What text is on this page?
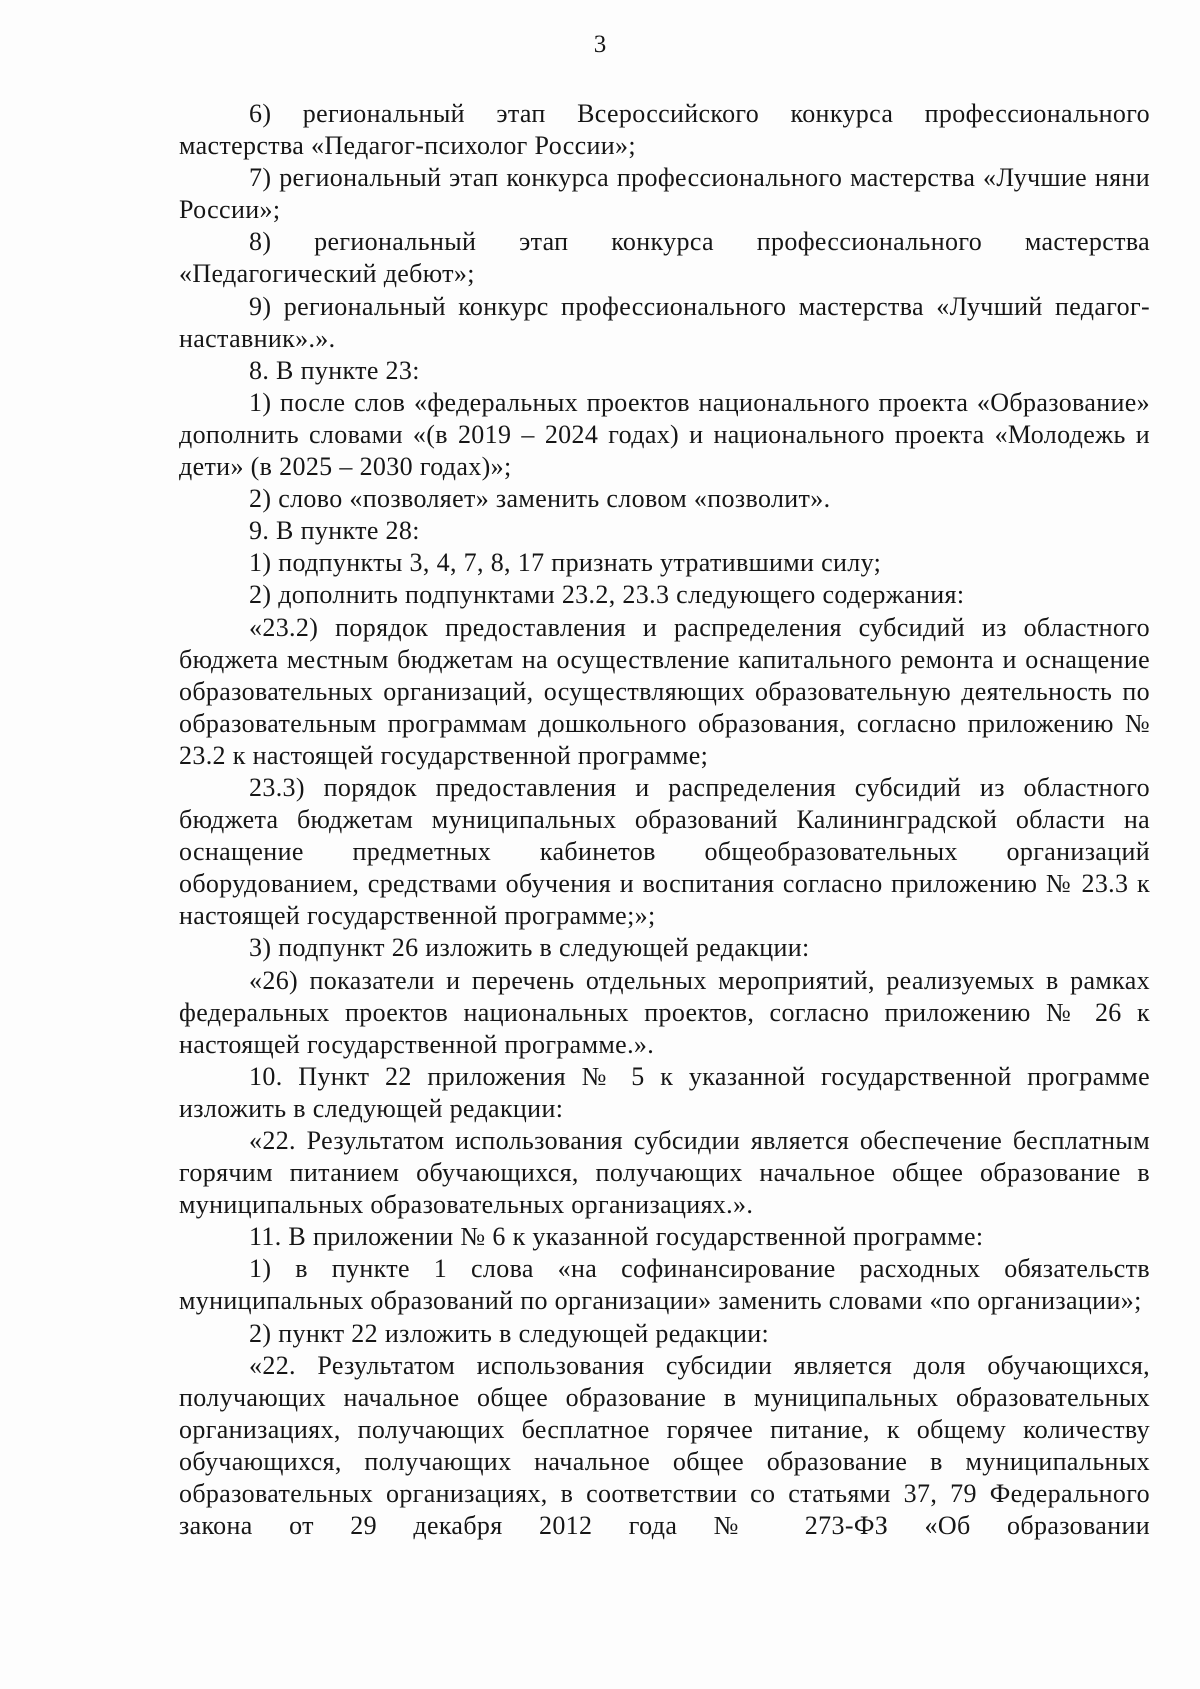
3

6) региональный этап Всероссийского конкурса профессионального мастерства «Педагог-психолог России»;

7) региональный этап конкурса профессионального мастерства «Лучшие няни России»;

8) региональный этап конкурса профессионального мастерства «Педагогический дебют»;

9) региональный конкурс профессионального мастерства «Лучший педагог-наставник».».

8. В пункте 23:

1) после слов «федеральных проектов национального проекта «Образование» дополнить словами «(в 2019 – 2024 годах) и национального проекта «Молодежь и дети» (в 2025 – 2030 годах)»;

2) слово «позволяет» заменить словом «позволит».

9. В пункте 28:

1) подпункты 3, 4, 7, 8, 17 признать утратившими силу;

2) дополнить подпунктами 23.2, 23.3 следующего содержания:

«23.2) порядок предоставления и распределения субсидий из областного бюджета местным бюджетам на осуществление капитального ремонта и оснащение образовательных организаций, осуществляющих образовательную деятельность по образовательным программам дошкольного образования, согласно приложению № 23.2 к настоящей государственной программе;

23.3) порядок предоставления и распределения субсидий из областного бюджета бюджетам муниципальных образований Калининградской области на оснащение предметных кабинетов общеобразовательных организаций оборудованием, средствами обучения и воспитания согласно приложению № 23.3 к настоящей государственной программе;»;

3) подпункт 26 изложить в следующей редакции:

«26) показатели и перечень отдельных мероприятий, реализуемых в рамках федеральных проектов национальных проектов, согласно приложению № 26 к настоящей государственной программе.».

10. Пункт 22 приложения № 5 к указанной государственной программе изложить в следующей редакции:

«22. Результатом использования субсидии является обеспечение бесплатным горячим питанием обучающихся, получающих начальное общее образование в муниципальных образовательных организациях.».

11. В приложении № 6 к указанной государственной программе:

1) в пункте 1 слова «на софинансирование расходных обязательств муниципальных образований по организации» заменить словами «по организации»;

2) пункт 22 изложить в следующей редакции:

«22. Результатом использования субсидии является доля обучающихся, получающих начальное общее образование в муниципальных образовательных организациях, получающих бесплатное горячее питание, к общему количеству обучающихся, получающих начальное общее образование в муниципальных образовательных организациях, в соответствии со статьями 37, 79 Федерального закона от 29 декабря 2012 года № 273-ФЗ «Об образовании
